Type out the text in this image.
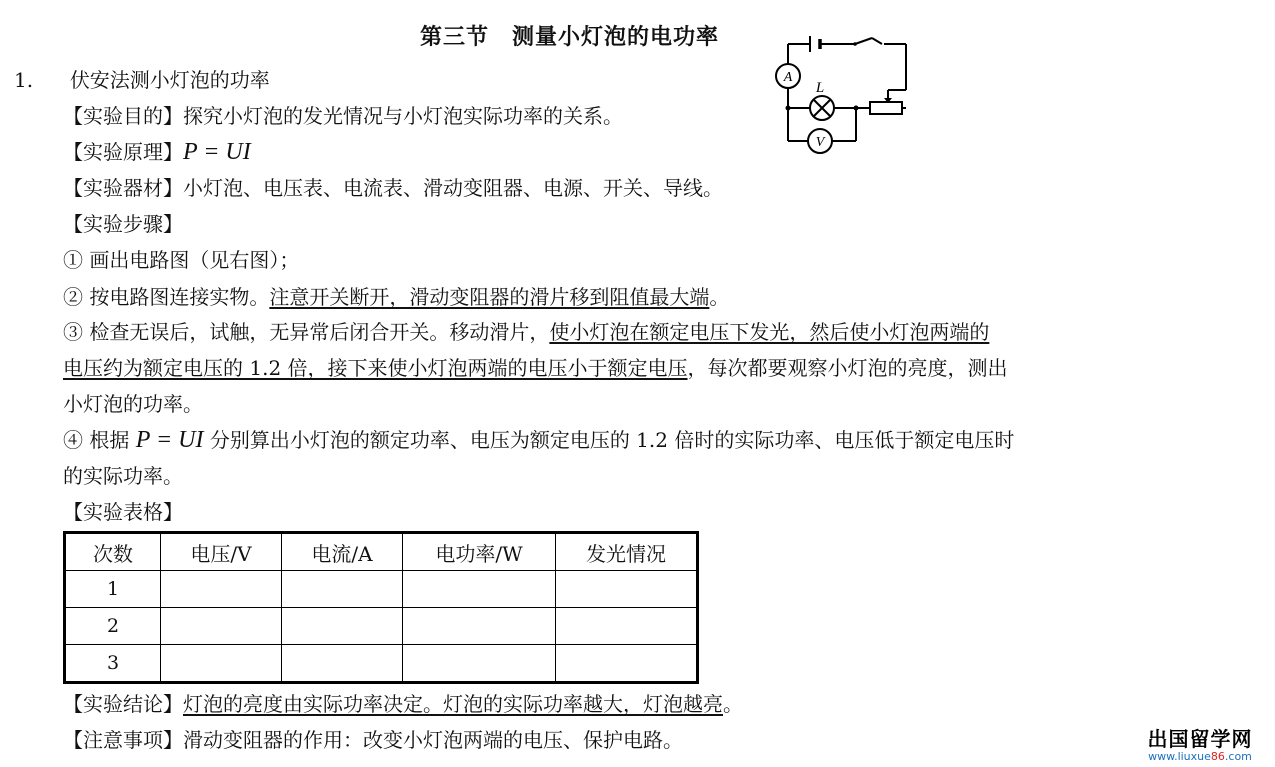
第三节　测量小灯泡的电功率
A
L
V
1. 伏安法测小灯泡的功率
【实验目的】探究小灯泡的发光情况与小灯泡实际功率的关系。
【实验原理】P = UI
【实验器材】小灯泡、电压表、电流表、滑动变阻器、电源、开关、导线。
【实验步骤】
① 画出电路图（见右图）；
② 按电路图连接实物。注意开关断开，滑动变阻器的滑片移到阻值最大端。
③ 检查无误后，试触，无异常后闭合开关。移动滑片，使小灯泡在额定电压下发光，然后使小灯泡两端的
电压约为额定电压的 1.2 倍，接下来使小灯泡两端的电压小于额定电压，每次都要观察小灯泡的亮度，测出
小灯泡的功率。
④ 根据 P = UI 分别算出小灯泡的额定功率、电压为额定电压的 1.2 倍时的实际功率、电压低于额定电压时
的实际功率。
【实验表格】
次数	电压/V	电流/A	电功率/W	发光情况
1				
2				
3				
【实验结论】灯泡的亮度由实际功率决定。灯泡的实际功率越大，灯泡越亮。
【注意事项】滑动变阻器的作用：改变小灯泡两端的电压、保护电路。	出国留学网
www.liuxue86.com
